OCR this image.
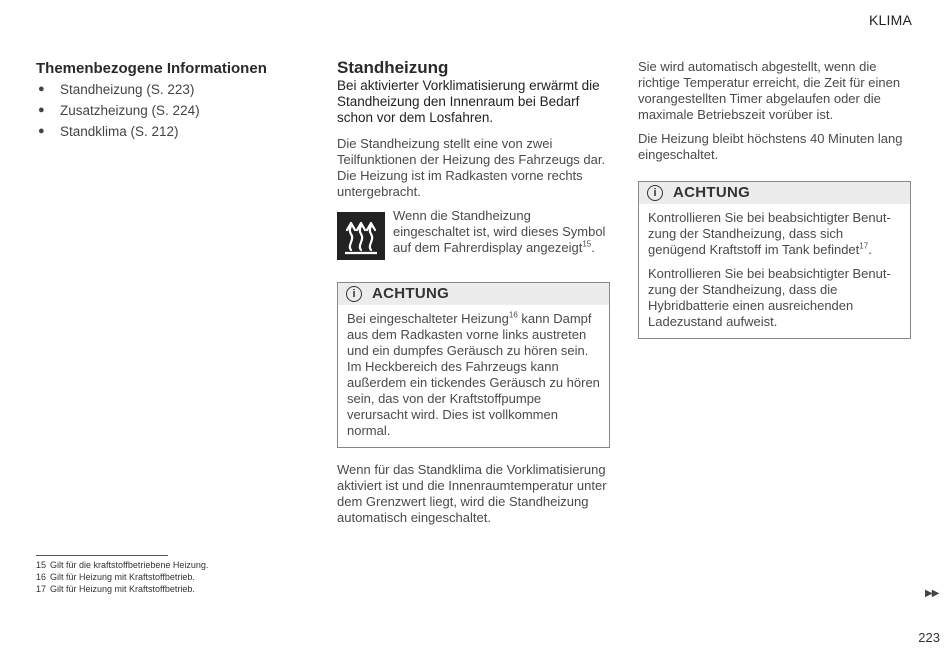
KLIMA
Themenbezogene Informationen
● Standheizung (S. 223)
● Zusatzheizung (S. 224)
● Standklima (S. 212)
Standheizung

Bei aktivierter Vorklimatisierung erwärmt die Standheizung den Innenraum bei Bedarf schon vor dem Losfahren.

Die Standheizung stellt eine von zwei Teilfunktionen der Heizung des Fahrzeugs dar. Die Heizung ist im Radkasten vorne rechts untergebracht.

Wenn die Standheizung eingeschaltet ist, wird dieses Symbol auf dem Fahrerdisplay angezeigt$^{15}$.
i	ACHTUNG

Bei eingeschalteter Heizung$^{16}$ kann Dampf aus dem Radkasten vorne links austreten und ein dumpfes Geräusch zu hören sein. Im Heckbereich des Fahrzeugs kann außerdem ein tickendes Geräusch zu hören sein, das von der Kraftstoffpumpe verursacht wird. Dies ist vollkommen normal.

Wenn für das Standklima die Vorklimatisierung aktiviert ist und die Innenraumtemperatur unter dem Grenzwert liegt, wird die Standheizung automatisch eingeschaltet.

Sie wird automatisch abgestellt, wenn die richtige Temperatur erreicht, die Zeit für einen vorangestellten Timer abgelaufen oder die maximale Betriebszeit vorüber ist.

Die Heizung bleibt höchstens 40 Minuten lang eingeschaltet.

i	ACHTUNG

Kontrollieren Sie bei beabsichtigter Benutzung der Standheizung, dass sich genügend Kraftstoff im Tank befindet$^{17}$.

Kontrollieren Sie bei beabsichtigter Benutzung der Standheizung, dass die Hybridbatterie einen ausreichenden Ladezustand aufweist.

15 Gilt für die kraftstoffbetriebene Heizung.
16 Gilt für Heizung mit Kraftstoffbetrieb.
17 Gilt für Heizung mit Kraftstoffbetrieb.	▶▶
223
